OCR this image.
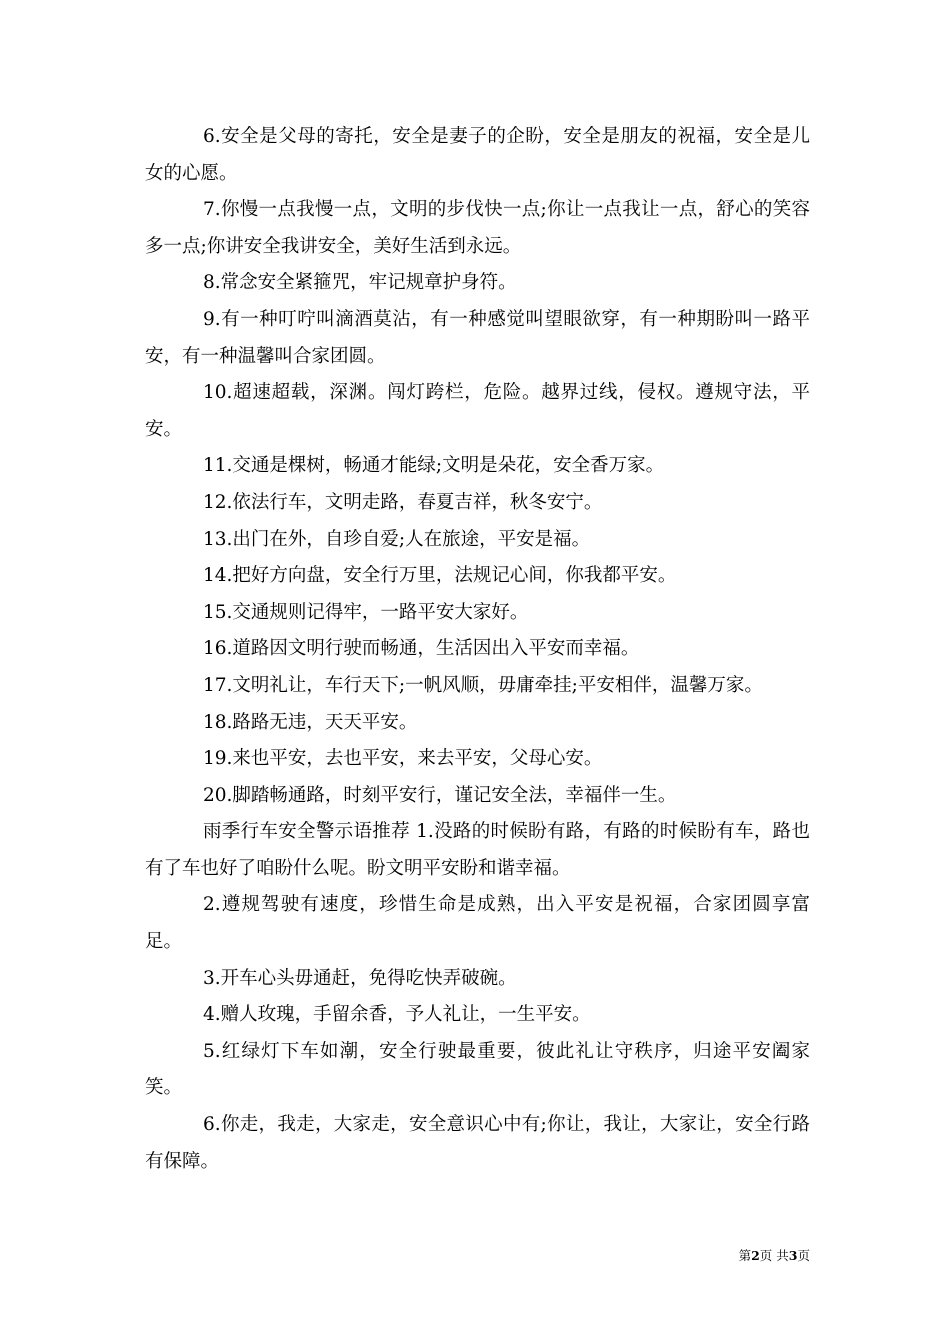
6.安全是父母的寄托，安全是妻子的企盼，安全是朋友的祝福，安全是儿女的心愿。

7.你慢一点我慢一点，文明的步伐快一点;你让一点我让一点，舒心的笑容多一点;你讲安全我讲安全，美好生活到永远。

8.常念安全紧箍咒，牢记规章护身符。

9.有一种叮咛叫滴酒莫沾，有一种感觉叫望眼欲穿，有一种期盼叫一路平安，有一种温馨叫合家团圆。

10.超速超载，深渊。闯灯跨栏，危险。越界过线，侵权。遵规守法，平安。

11.交通是棵树，畅通才能绿;文明是朵花，安全香万家。

12.依法行车，文明走路，春夏吉祥，秋冬安宁。

13.出门在外，自珍自爱;人在旅途，平安是福。

14.把好方向盘，安全行万里，法规记心间，你我都平安。

15.交通规则记得牢，一路平安大家好。

16.道路因文明行驶而畅通，生活因出入平安而幸福。

17.文明礼让，车行天下;一帆风顺，毋庸牵挂;平安相伴，温馨万家。

18.路路无违，天天平安。

19.来也平安，去也平安，来去平安，父母心安。

20.脚踏畅通路，时刻平安行，谨记安全法，幸福伴一生。

雨季行车安全警示语推荐 1.没路的时候盼有路，有路的时候盼有车，路也有了车也好了咱盼什么呢。盼文明平安盼和谐幸福。

2.遵规驾驶有速度，珍惜生命是成熟，出入平安是祝福，合家团圆享富足。

3.开车心头毋通赶，免得吃快弄破碗。

4.赠人玫瑰，手留余香，予人礼让，一生平安。

5.红绿灯下车如潮，安全行驶最重要，彼此礼让守秩序，归途平安阖家笑。

6.你走，我走，大家走，安全意识心中有;你让，我让，大家让，安全行路有保障。

第2页 共3页
